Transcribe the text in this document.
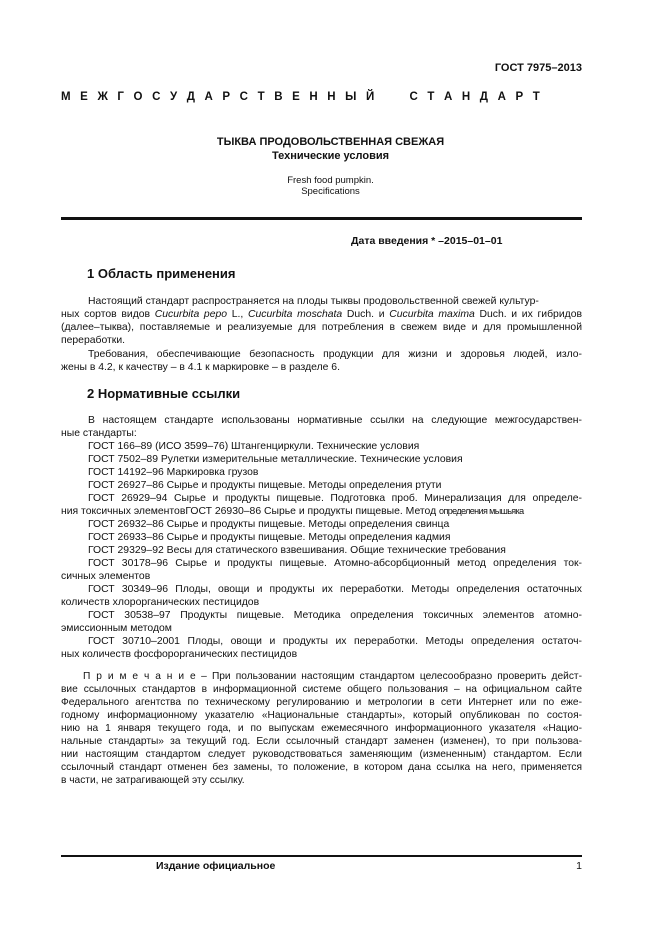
ГОСТ 7975–2013
М Е Ж Г О С У Д А Р С Т В Е Н Н Ы Й     С Т А Н Д А Р Т
ТЫКВА ПРОДОВОЛЬСТВЕННАЯ СВЕЖАЯ
Технические условия
Fresh food pumpkin.
Specifications
Дата введения * –2015–01–01
1 Область применения
Настоящий стандарт распространяется на плоды тыквы продовольственной свежей культур-
ных сортов видов Cucurbita pepo L., Cucurbita moschata Duch. и Cucurbita maxima Duch. и их гибридов
(далее–тыква), поставляемые и реализуемые для потребления в свежем виде и для промышленной
переработки.
Требования, обеспечивающие безопасность продукции для жизни и здоровья людей, изло-
жены в 4.2, к качеству – в 4.1 к маркировке – в разделе 6.
2 Нормативные ссылки
В настоящем стандарте использованы нормативные ссылки на следующие межгосударствен-
ные стандарты:
ГОСТ 166–89 (ИСО 3599–76) Штангенциркули. Технические условия
ГОСТ 7502–89 Рулетки измерительные металлические. Технические условия
ГОСТ 14192–96 Маркировка грузов
ГОСТ 26927–86 Сырье и продукты пищевые. Методы определения ртути
ГОСТ 26929–94 Сырье и продукты пищевые. Подготовка проб. Минерализация для определе-
ния токсичных элементовГОСТ 26930–86 Сырье и продукты пищевые. Метод определения мышьяка
ГОСТ 26932–86 Сырье и продукты пищевые. Методы определения свинца
ГОСТ 26933–86 Сырье и продукты пищевые. Методы определения кадмия
ГОСТ 29329–92 Весы для статического взвешивания. Общие технические требования
ГОСТ 30178–96 Сырье и продукты пищевые. Атомно-абсорбционный метод определения ток-
сичных элементов
ГОСТ 30349–96 Плоды, овощи и продукты их переработки. Методы определения остаточных
количеств хлорорганических пестицидов
ГОСТ 30538–97 Продукты пищевые. Методика определения токсичных элементов атомно-
эмиссионным методом
ГОСТ 30710–2001 Плоды, овощи и продукты их переработки. Методы определения остаточ-
ных количеств фосфорорганических пестицидов
П р и м е ч а н и е – При пользовании настоящим стандартом целесообразно проверить дейст-
вие ссылочных стандартов в информационной системе общего пользования – на официальном сайте
Федерального агентства по техническому регулированию и метрологии в сети Интернет или по еже-
годному информационному указателю «Национальные стандарты», который опубликован по состоя-
нию на 1 января текущего года, и по выпускам ежемесячного информационного указателя «Нацио-
нальные стандарты» за текущий год. Если ссылочный стандарт заменен (изменен), то при пользова-
нии настоящим стандартом следует руководствоваться заменяющим (измененным) стандартом. Если
ссылочный стандарт отменен без замены, то положение, в котором дана ссылка на него, применяется
в части, не затрагивающей эту ссылку.
Издание официальное	1
